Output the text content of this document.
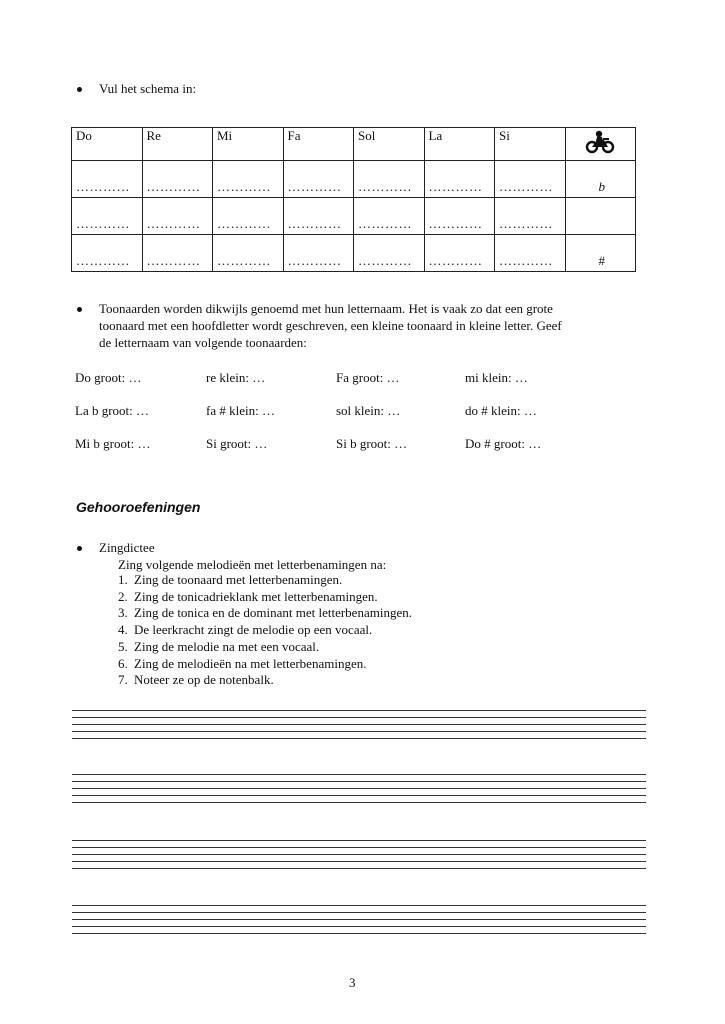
Vul het schema in:
Do	Re	Mi	Fa	Sol	La	Si	
…………	…………	…………	…………	…………	…………	…………	b
…………	…………	…………	…………	…………	…………	…………	
…………	…………	…………	…………	…………	…………	…………	#
Toonaarden worden dikwijls genoemd met hun letternaam. Het is vaak zo dat een grote
toonaard met een hoofdletter wordt geschreven, een kleine toonaard in kleine letter. Geef
de letternaam van volgende toonaarden:
Do groot: …	re klein: …	Fa groot: …	mi klein: …
La b groot: …	fa # klein: …	sol klein: …	do # klein: …
Mi b groot: …	Si groot: …	Si b groot: …	Do # groot: …
Gehooroefeningen
Zingdictee
Zing volgende melodieën met letterbenamingen na:
1. Zing de toonaard met letterbenamingen.
2. Zing de tonicadrieklank met letterbenamingen.
3. Zing de tonica en de dominant met letterbenamingen.
4. De leerkracht zingt de melodie op een vocaal.
5. Zing de melodie na met een vocaal.
6. Zing de melodieën na met letterbenamingen.
7. Noteer ze op de notenbalk.
3
